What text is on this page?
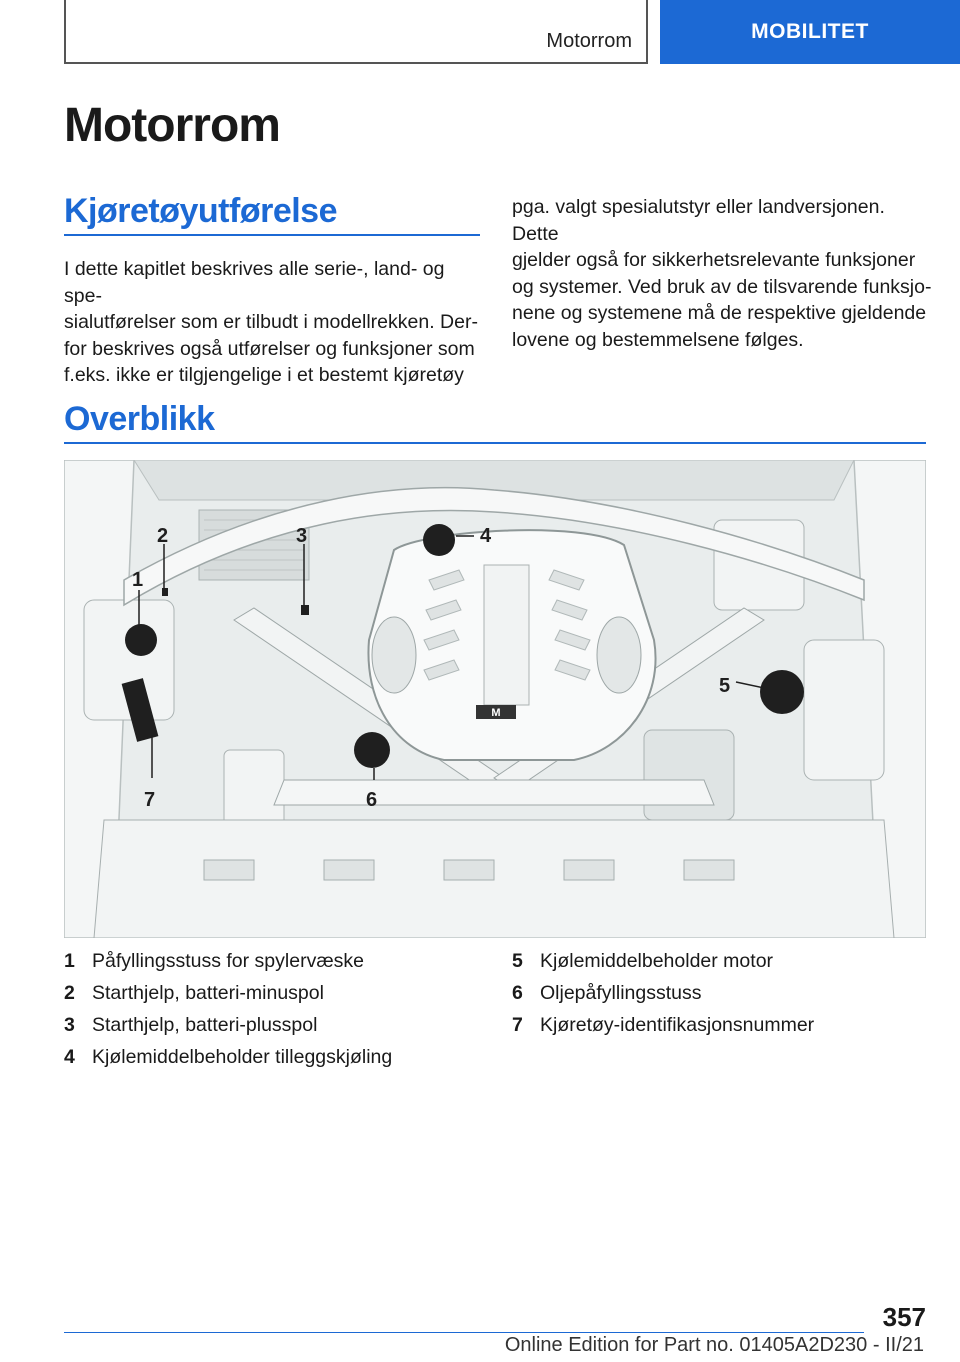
Motorrom	MOBILITET
Motorrom
Kjøretøyutførelse

I dette kapitlet beskrives alle serie-, land- og spe-
sialutførelser som er tilbudt i modellrekken. Der-
for beskrives også utførelser og funksjoner som
f.eks. ikke er tilgjengelige i et bestemt kjøretøy

pga. valgt spesialutstyr eller landversjonen. Dette
gjelder også for sikkerhetsrelevante funksjoner
og systemer. Ved bruk av de tilsvarende funksjo-
nene og systemene må de respektive gjeldende
lovene og bestemmelsene følges.

Overblikk
M
1
2	3	4
5
6
7
1 Påfyllingsstuss for spylervæske
2 Starthjelp, batteri-minuspol
3 Starthjelp, batteri-plusspol
4 Kjølemiddelbeholder tilleggskjøling
5 Kjølemiddelbeholder motor
6 Oljepåfyllingsstuss
7 Kjøretøy-identifikasjonsnummer
357
Online Edition for Part no. 01405A2D230 - II/21
